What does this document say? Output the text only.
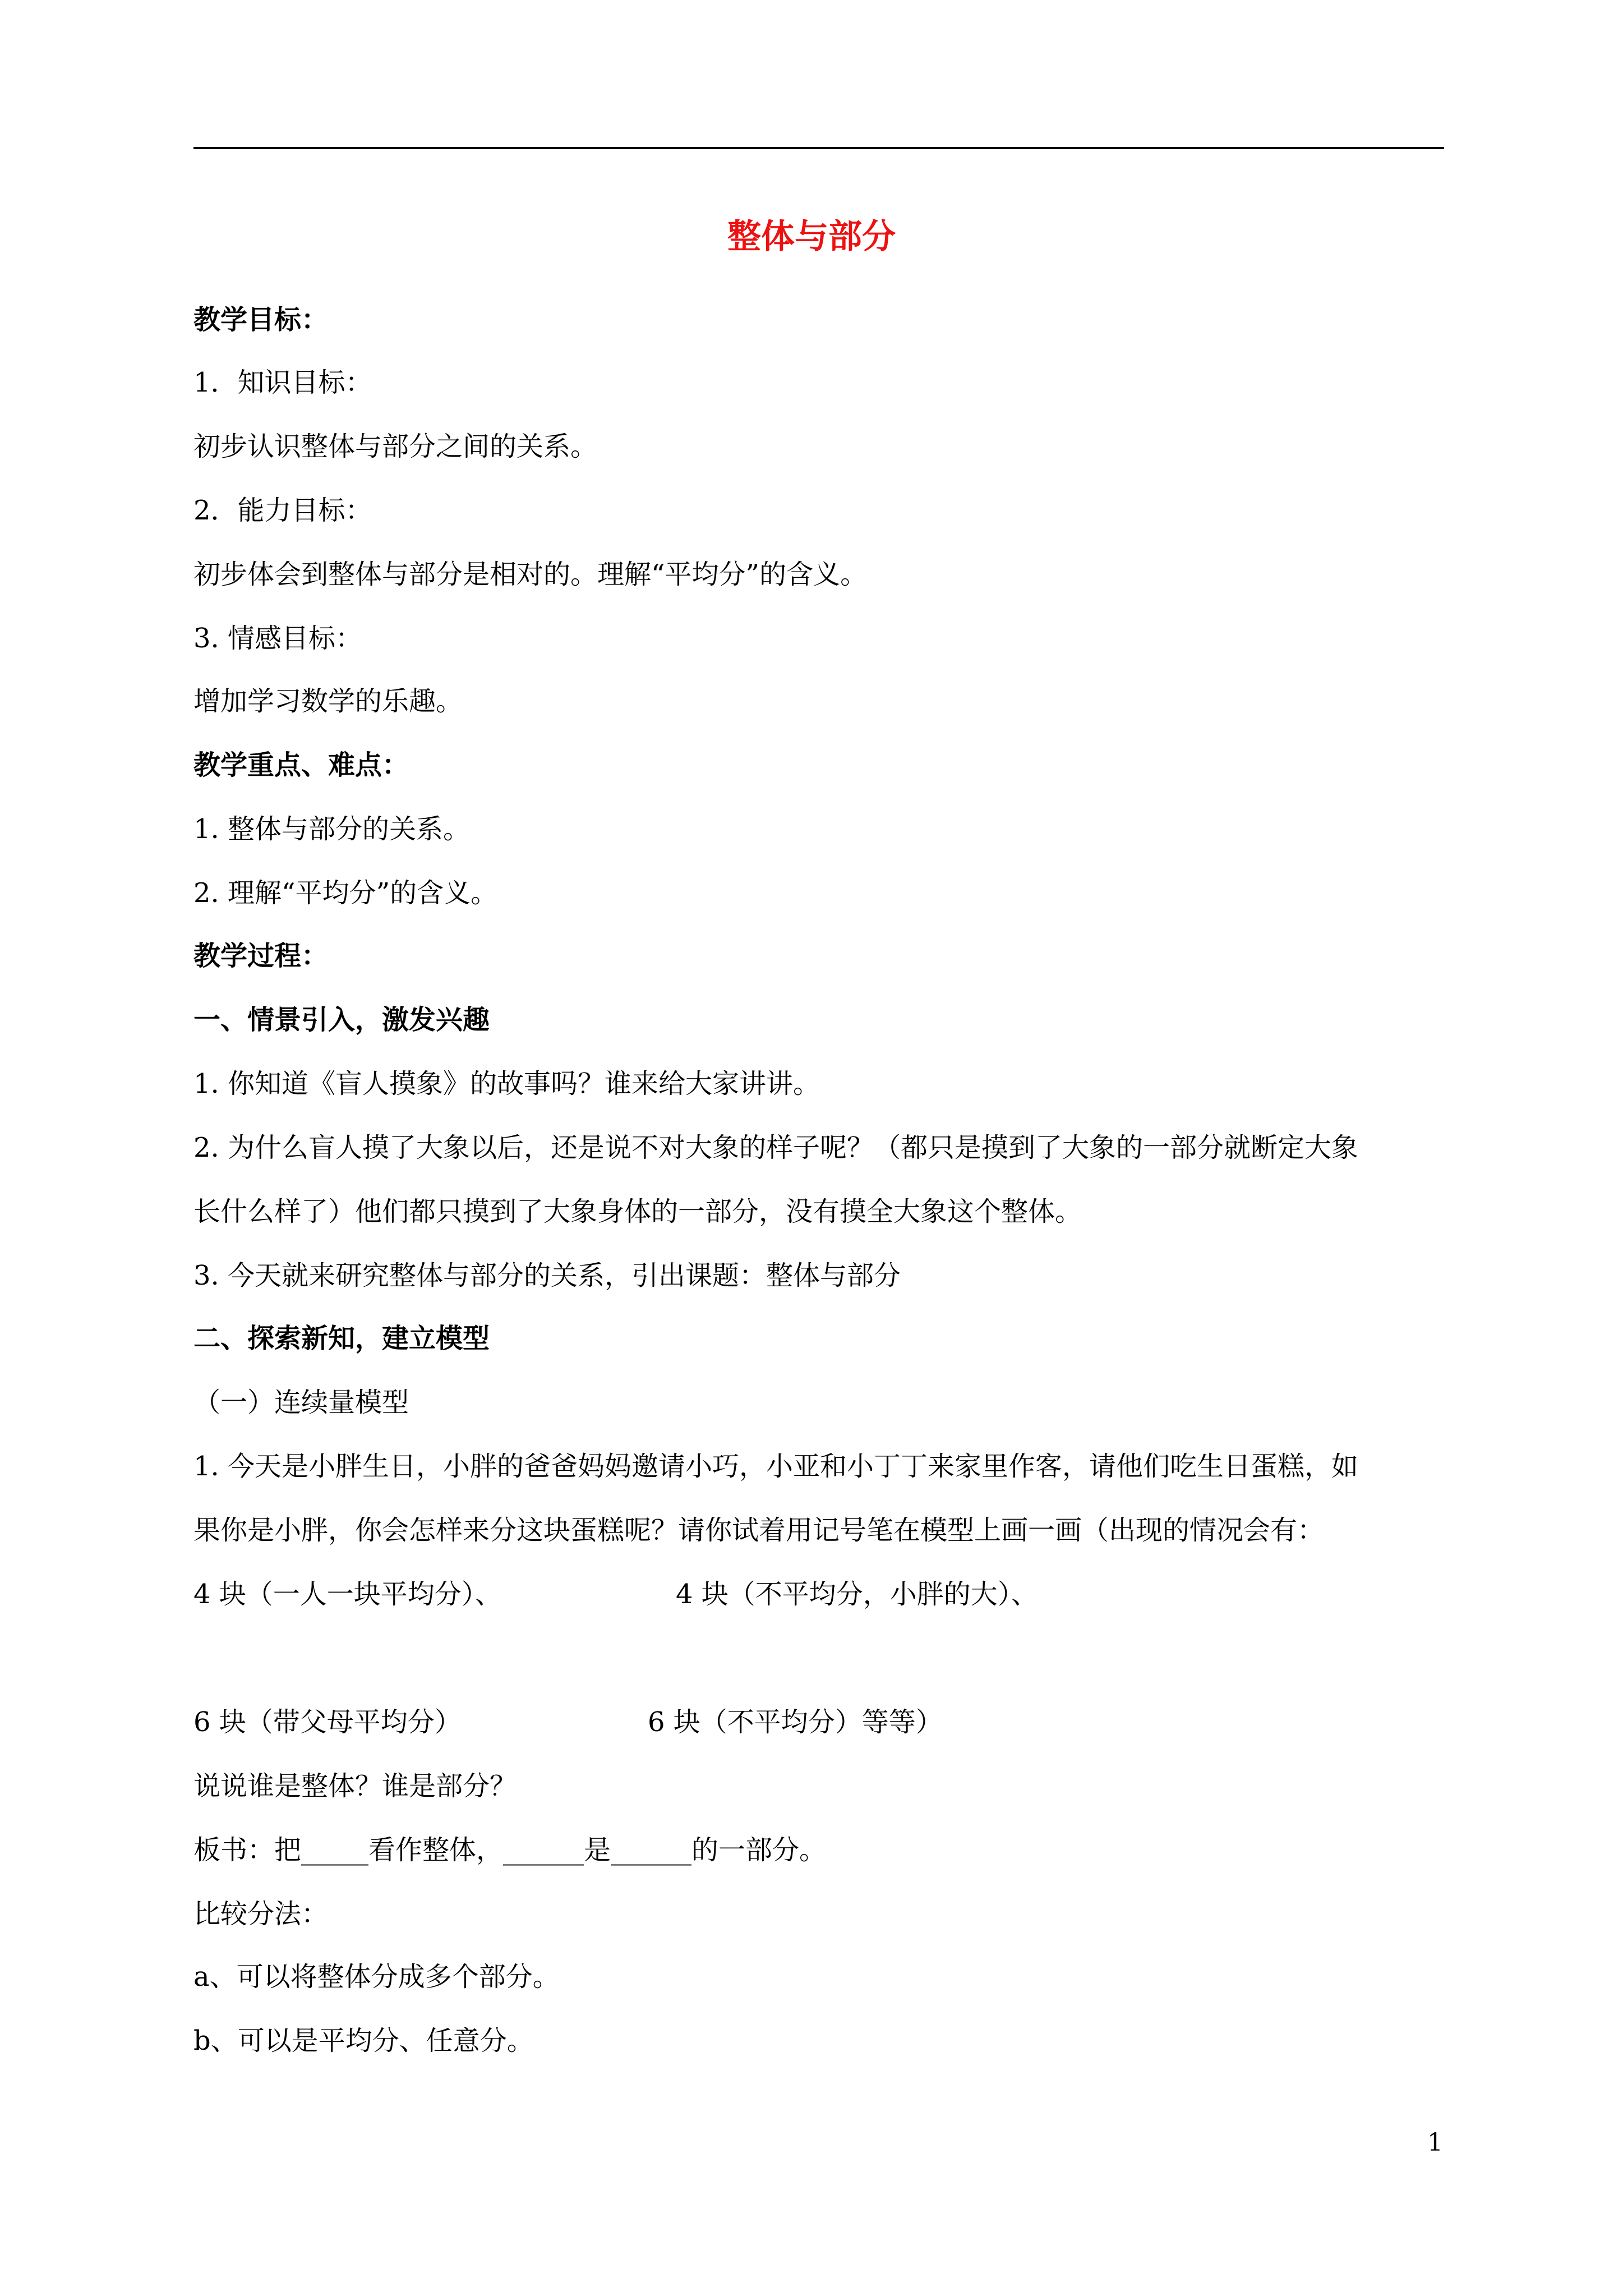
整体与部分
教学目标：
1．知识目标：
初步认识整体与部分之间的关系。
2．能力目标：
初步体会到整体与部分是相对的。理解“平均分”的含义。
3. 情感目标：
增加学习数学的乐趣。
教学重点、难点：
1. 整体与部分的关系。
2. 理解“平均分”的含义。
教学过程：
一、情景引入，激发兴趣
1. 你知道《盲人摸象》的故事吗？谁来给大家讲讲。
2. 为什么盲人摸了大象以后，还是说不对大象的样子呢？（都只是摸到了大象的一部分就断定大象
长什么样了）他们都只摸到了大象身体的一部分，没有摸全大象这个整体。
3. 今天就来研究整体与部分的关系，引出课题：整体与部分
二、探索新知，建立模型
（一）连续量模型
1. 今天是小胖生日，小胖的爸爸妈妈邀请小巧，小亚和小丁丁来家里作客，请他们吃生日蛋糕，如
果你是小胖，你会怎样来分这块蛋糕呢？请你试着用记号笔在模型上画一画（出现的情况会有：
4 块（一人一块平均分）、	4 块（不平均分，小胖的大）、
6 块（带父母平均分）	6 块（不平均分）等等）
说说谁是整体？谁是部分？
板书：把_____看作整体，______是______的一部分。
比较分法：
a、可以将整体分成多个部分。
b、可以是平均分、任意分。
1
